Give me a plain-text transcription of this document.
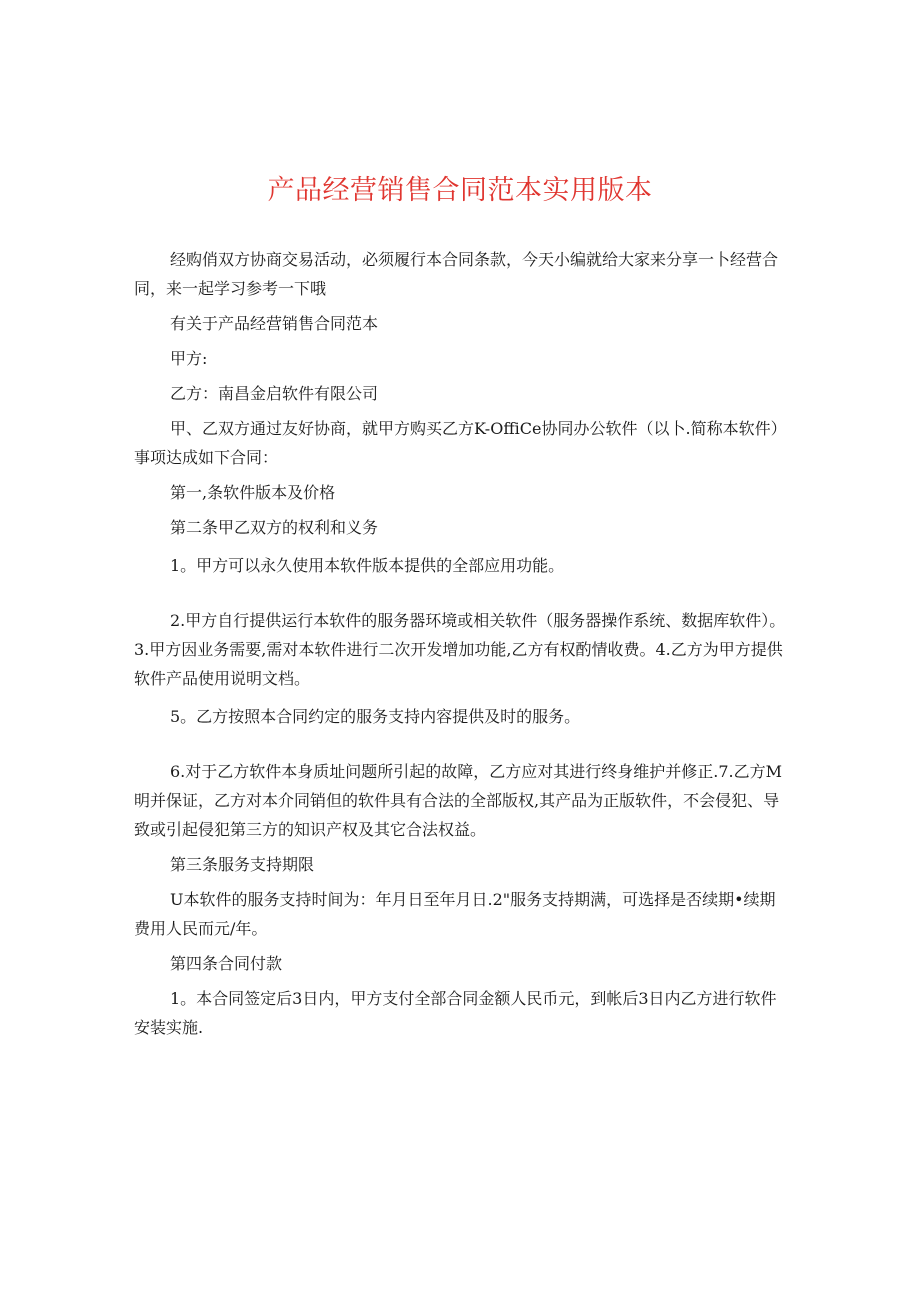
产品经营销售合同范本实用版本

经购俏双方协商交易活动，必须履行本合同条款，今天小编就给大家来分享一卜经营合同，来一起学习参考一下哦

有关于产品经营销售合同范本

甲方:

乙方：南昌金启软件有限公司

甲、乙双方通过友好协商，就甲方购买乙方K-OffiCe协同办公软件（以卜.简称本软件）事项达成如下合同：

第一,条软件版本及价格

第二条甲乙双方的权利和义务

1。甲方可以永久使用本软件版本提供的全部应用功能。

2.甲方自行提供运行本软件的服务器环境或相关软件（服务器操作系统、数据库软件）。3.甲方因业务需要,需对本软件进行二次开发增加功能,乙方有权酌情收费。4.乙方为甲方提供软件产品使用说明文档。

5。乙方按照本合同约定的服务支持内容提供及时的服务。

6.对于乙方软件本身质址问题所引起的故障，乙方应对其进行终身维护并修正.7.乙方M明并保证，乙方对本介同销但的软件具有合法的全部版权,其产品为正版软件，不会侵犯、导致或引起侵犯第三方的知识产权及其它合法权益。

第三条服务支持期限

U本软件的服务支持时间为：年月日至年月日.2"服务支持期满，可选择是否续期•续期费用人民而元/年。

第四条合同付款

1。本合同签定后3日内，甲方支付全部合同金额人民币元，到帐后3日内乙方进行软件安装实施.
